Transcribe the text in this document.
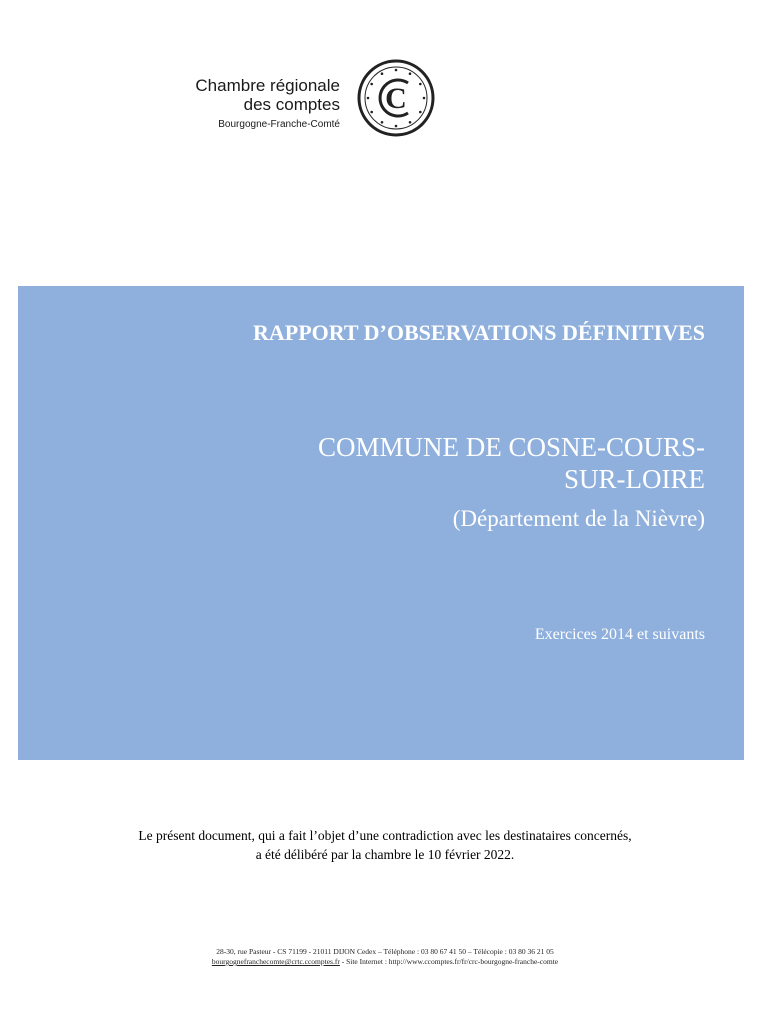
Chambre régionale
des comptes
Bourgogne-Franche-Comté
C
RAPPORT D’OBSERVATIONS DÉFINITIVES
COMMUNE DE COSNE-COURS-
SUR-LOIRE
(Département de la Nièvre)
Exercices 2014 et suivants
Le présent document, qui a fait l’objet d’une contradiction avec les destinataires concernés,
a été délibéré par la chambre le 10 février 2022.
28-30, rue Pasteur - CS 71199 - 21011 DIJON Cedex – Téléphone : 03 80 67 41 50 – Télécopie : 03 80 36 21 05
bourgognefranchecomte@crtc.ccomptes.fr - Site Internet : http://www.ccomptes.fr/fr/crc-bourgogne-franche-comte
